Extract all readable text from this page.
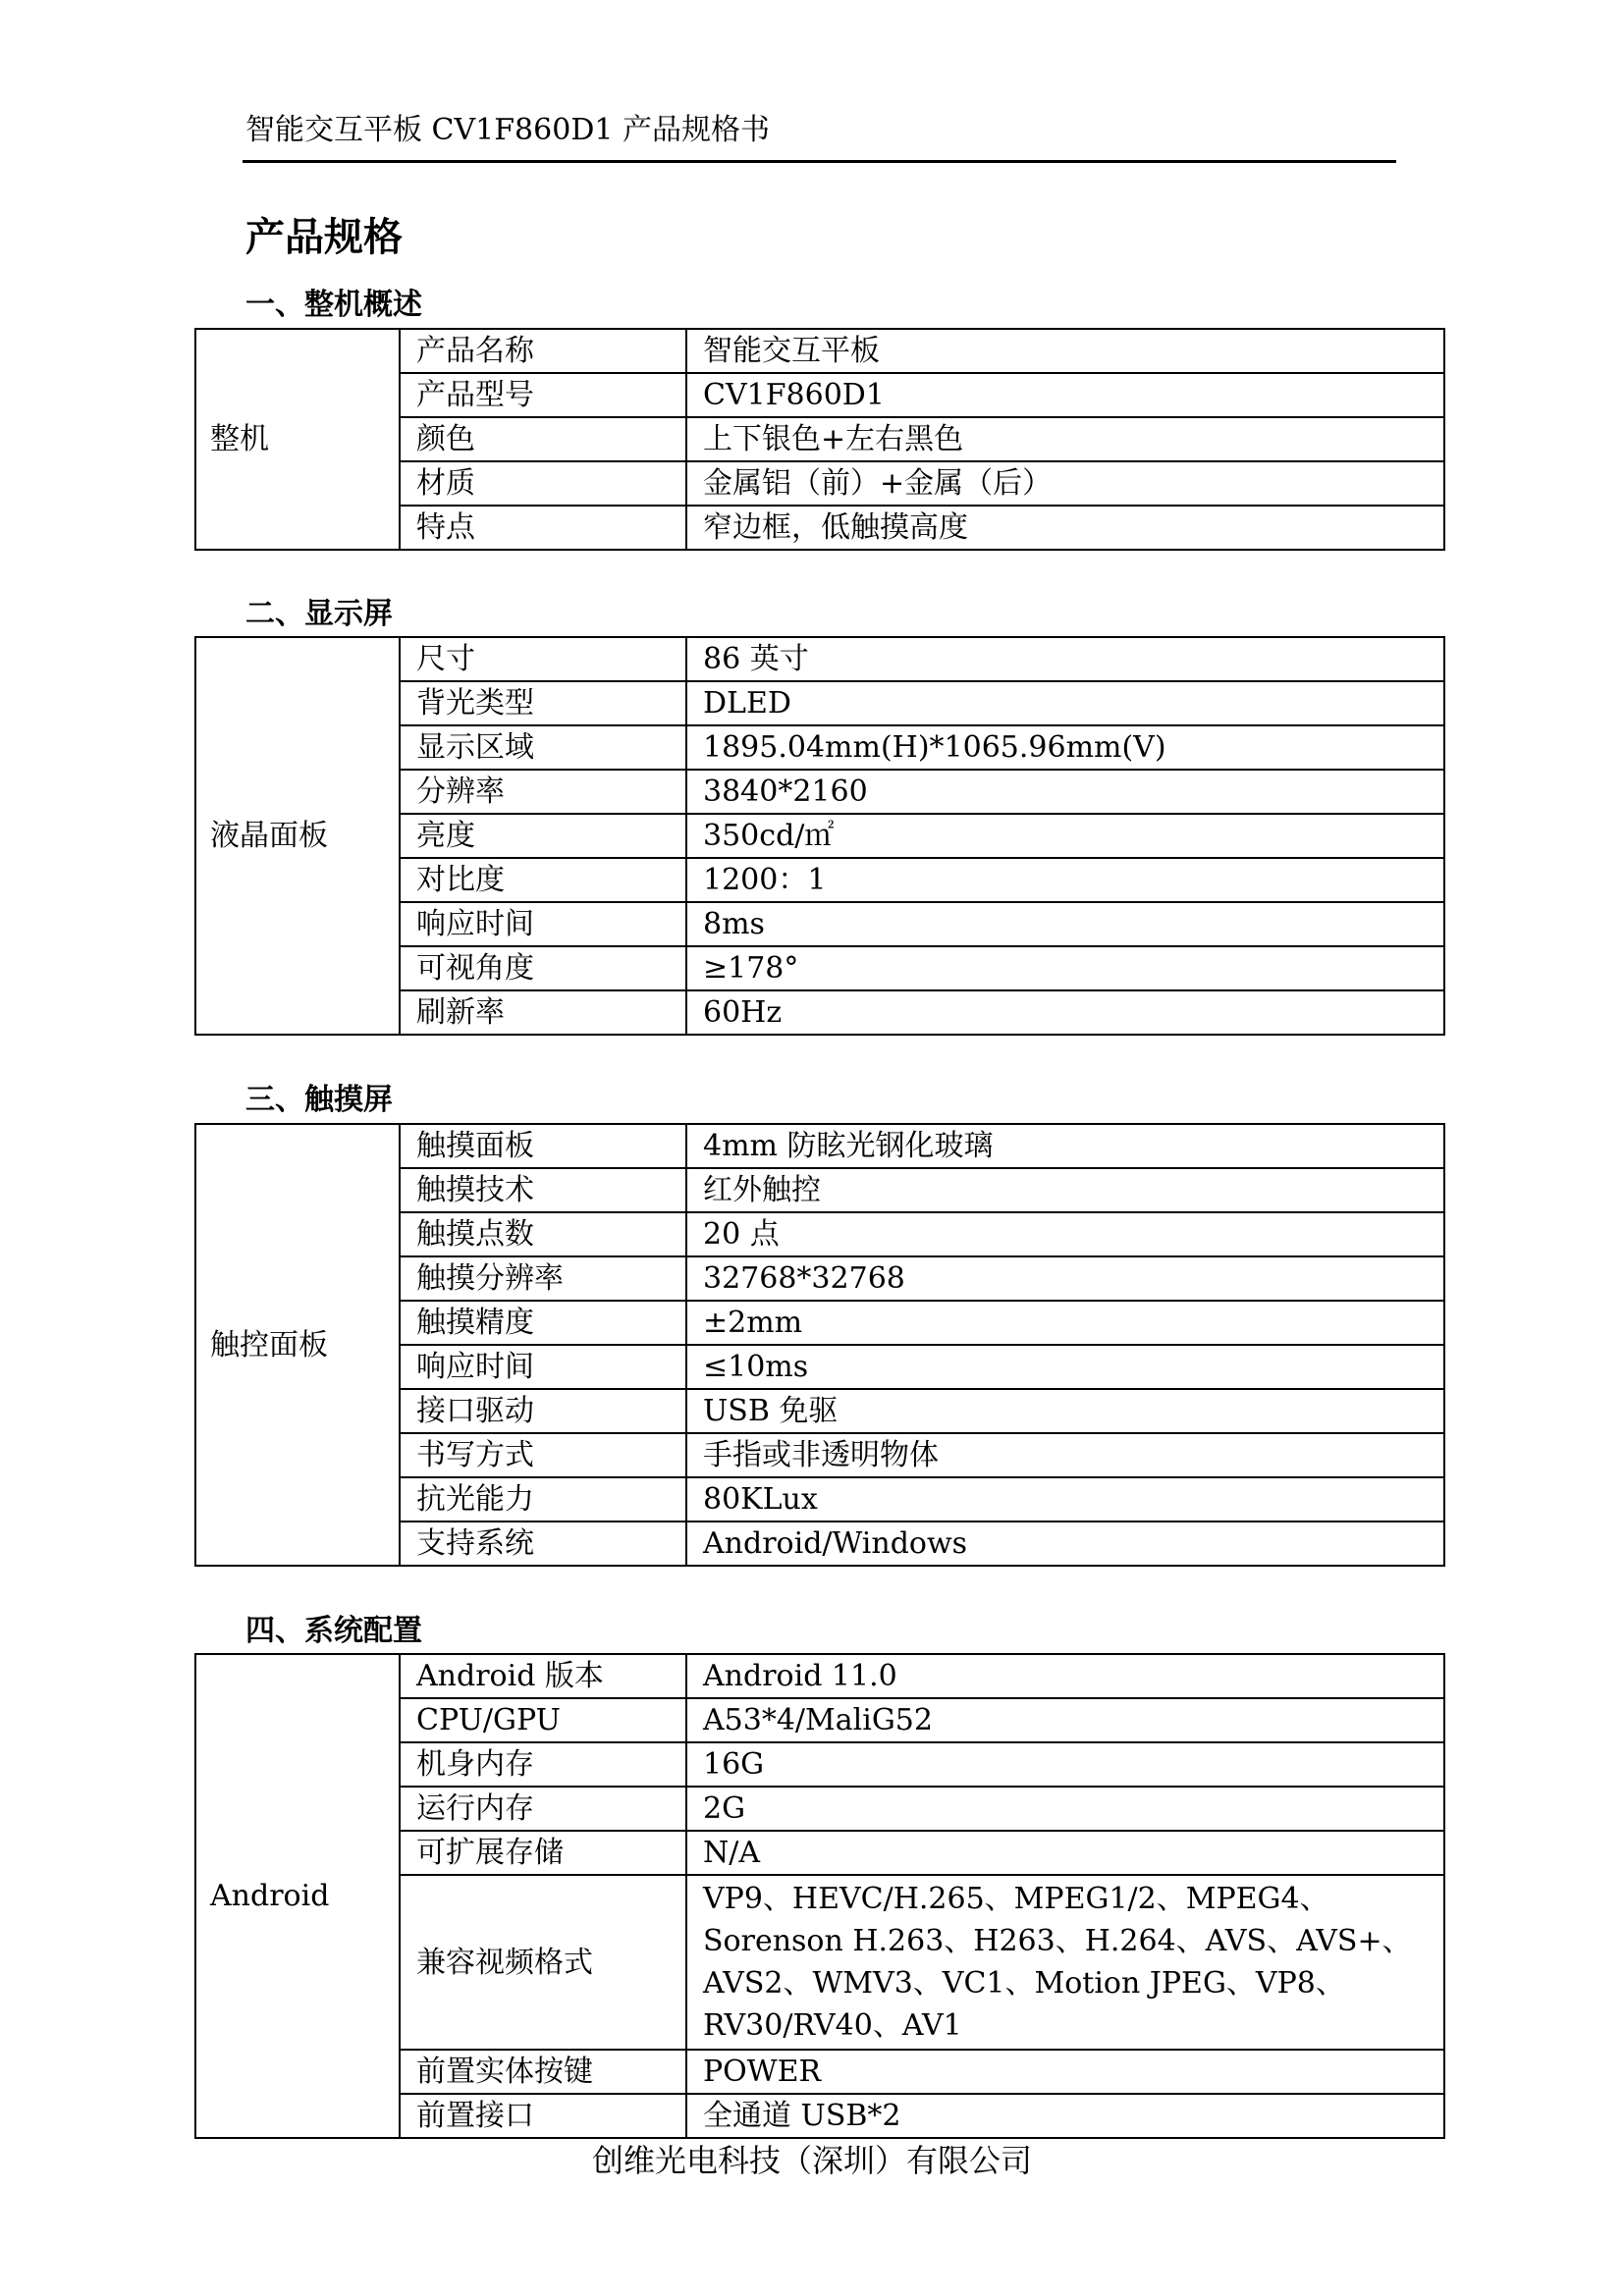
智能交互平板 CV1F860D1 产品规格书
产品规格
一、整机概述
整机	产品名称	智能交互平板
	产品型号	CV1F860D1
	颜色	上下银色+左右黑色
	材质	金属铝（前）+金属（后）
	特点	窄边框，低触摸高度
二、显示屏
液晶面板	尺寸	86 英寸
	背光类型	DLED
	显示区域	1895.04mm(H)*1065.96mm(V)
	分辨率	3840*2160
	亮度	350cd/㎡
	对比度	1200：1
	响应时间	8ms
	可视角度	≥178°
	刷新率	60Hz
三、触摸屏
触控面板	触摸面板	4mm 防眩光钢化玻璃
	触摸技术	红外触控
	触摸点数	20 点
	触摸分辨率	32768*32768
	触摸精度	±2mm
	响应时间	≤10ms
	接口驱动	USB 免驱
	书写方式	手指或非透明物体
	抗光能力	80KLux
	支持系统	Android/Windows
四、系统配置
Android	Android 版本	Android 11.0
	CPU/GPU	A53*4/MaliG52
	机身内存	16G
	运行内存	2G
	可扩展存储	N/A
	兼容视频格式	VP9、HEVC/H.265、MPEG1/2、MPEG4、Sorenson H.263、H263、H.264、AVS、AVS+、AVS2、WMV3、VC1、Motion JPEG、VP8、RV30/RV40、AV1
	前置实体按键	POWER
	前置接口	全通道 USB*2
创维光电科技（深圳）有限公司
